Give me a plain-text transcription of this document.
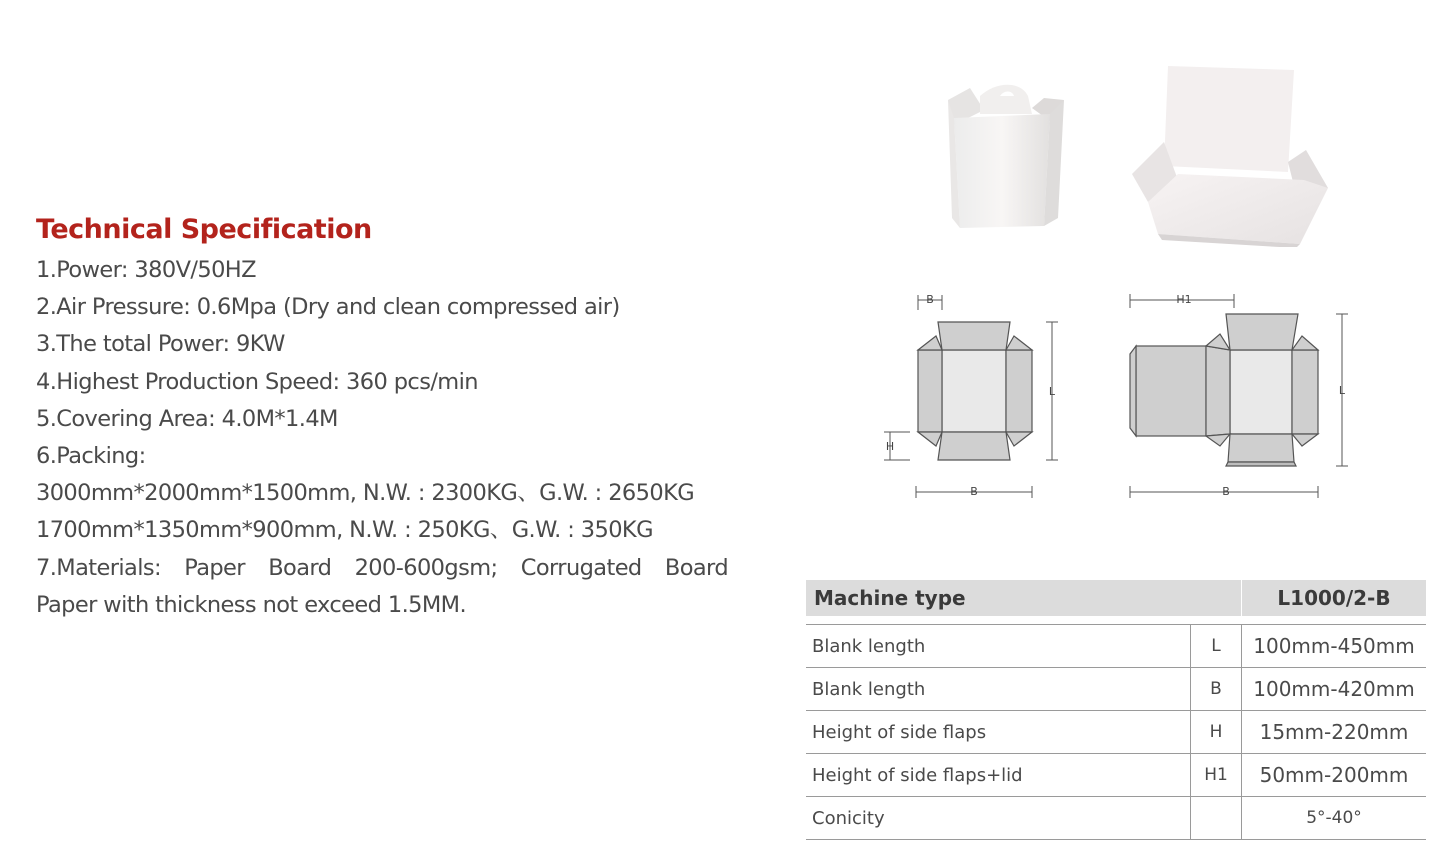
Technical Specification
1.Power: 380V/50HZ
2.Air Pressure: 0.6Mpa (Dry and clean compressed air)
3.The total Power: 9KW
4.Highest Production Speed: 360 pcs/min
5.Covering Area: 4.0M*1.4M
6.Packing:
3000mm*2000mm*1500mm, N.W. : 2300KG、G.W. : 2650KG
1700mm*1350mm*900mm, N.W. : 250KG、G.W. : 350KG
7.Materials: Paper Board 200-600gsm; Corrugated Board
Paper with thickness not exceed 1.5MM.
B
B
L
H
H1
B
L
Machine type		L1000/2-B

Blank length	L	100mm-450mm
Blank length	B	100mm-420mm
Height of side flaps	H	15mm-220mm
Height of side flaps+lid	H1	50mm-200mm
Conicity		5°-40°
